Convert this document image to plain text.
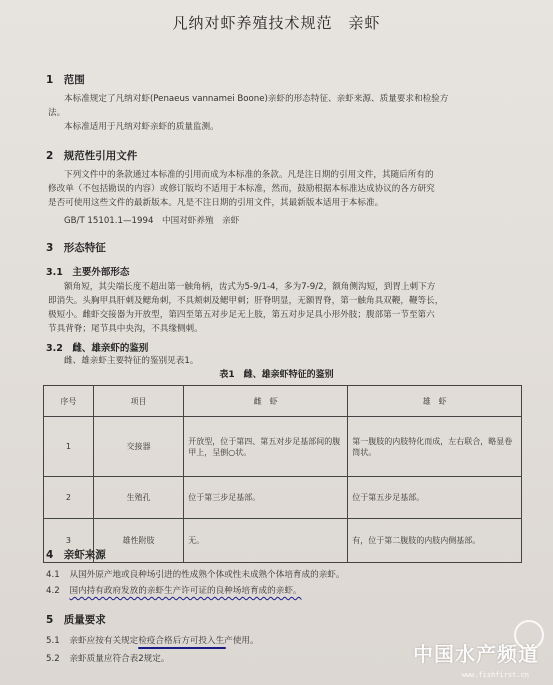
凡纳对虾养殖技术规范　亲虾
1　范围
本标准规定了凡纳对虾(Penaeus vannamei Boone)亲虾的形态特征、亲虾来源、质量要求和检验方
法。
本标准适用于凡纳对虾亲虾的质量监测。
2　规范性引用文件
下列文件中的条款通过本标准的引用而成为本标准的条款。凡是注日期的引用文件，其随后所有的
修改单（不包括勘误的内容）或修订版均不适用于本标准，然而，鼓励根据本标准达成协议的各方研究
是否可使用这些文件的最新版本。凡是不注日期的引用文件，其最新版本适用于本标准。
GB/T 15101.1—1994　中国对虾养殖　亲虾
3　形态特征
3.1　主要外部形态
额角短，其尖端长度不超出第一触角柄，齿式为5-9/1-4，多为7-9/2，额角侧沟短，到胃上刺下方
即消失。头胸甲具肝刺及鳃角刺，不具颊刺及鳃甲刺；肝脊明显，无额胃脊，第一触角具双鞭，鞭等长，
极短小。雌虾交接器为开放型，第四至第五对步足无上肢，第五对步足具小形外肢；腹部第一节至第六
节具背脊；尾节具中央沟，不具缘侧刺。
3.2　雌、雄亲虾的鉴别
雌、雄亲虾主要特征的鉴别见表1。
表1　雌、雄亲虾特征的鉴别
序号	项目	雌　虾	雄　虾
1	交接器	开放型，位于第四、第五对步足基部间的腹甲上，呈倒○状。	第一腹肢的内肢特化而成，左右联合，略显卷筒状。
2	生殖孔	位于第三步足基部。	位于第五步足基部。
3	雄性附肢	无。	有，位于第二腹肢的内肢内侧基部。
4　亲虾来源
4.1 从国外原产地或良种场引进的性成熟个体或性未成熟个体培育成的亲虾。
4.2 国内持有政府发放的亲虾生产许可证的良种场培育成的亲虾。
5　质量要求
5.1 亲虾应按有关规定检疫合格后方可投入生产使用。
5.2 亲虾质量应符合表2规定。	中国水产频道
www.fishfirst.cn
